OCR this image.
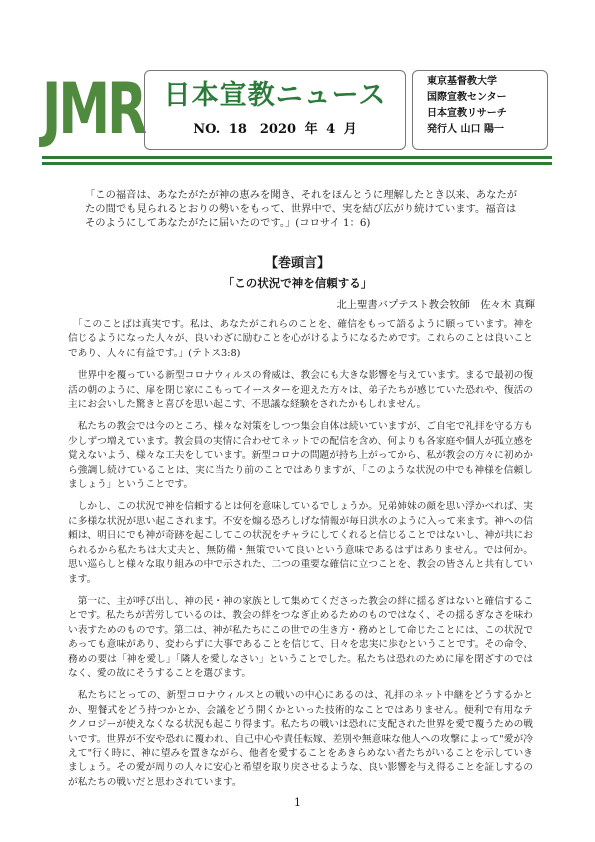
JMR 日本宣教ニュース
NO. 18　2020 年 4 月
東京基督教大学
国際宣教センター
日本宣教リサーチ
発行人 山口 陽一
「この福音は、あなたがたが神の恵みを聞き、それをほんとうに理解したとき以来、あなたがたの間でも見られるとおりの勢いをもって、世界中で、実を結び広がり続けています。福音はそのようにしてあなたがたに届いたのです。」(コロサイ 1：6)
【巻頭言】
「この状況で神を信頼する」
北上聖書バプテスト教会牧師　佐々木 真輝

「このことばは真実です。私は、あなたがこれらのことを、確信をもって語るように願っています。神を信じるようになった人々が、良いわざに励むことを心がけるようになるためです。これらのことは良いことであり、人々に有益です。」(テトス3:8)

世界中を覆っている新型コロナウィルスの脅威は、教会にも大きな影響を与えています。まるで最初の復活の朝のように、扉を閉じ家にこもってイースターを迎えた方々は、弟子たちが感じていた恐れや、復活の主にお会いした驚きと喜びを思い起こす、不思議な経験をされたかもしれません。

私たちの教会では今のところ、様々な対策をしつつ集会自体は続いていますが、ご自宅で礼拝を守る方も少しずつ増えています。教会員の実情に合わせてネットでの配信を含め、何よりも各家庭や個人が孤立感を覚えないよう、様々な工夫をしています。新型コロナの問題が持ち上がってから、私が教会の方々に初めから強調し続けていることは、実に当たり前のことではありますが、「このような状況の中でも神様を信頼しましょう」ということです。

しかし、この状況で神を信頼するとは何を意味しているでしょうか。兄弟姉妹の顔を思い浮かべれば、実に多様な状況が思い起こされます。不安を煽る恐ろしげな情報が毎日洪水のように入って来ます。神への信頼は、明日にでも神が奇跡を起こしてこの状況をチャラにしてくれると信じることではないし、神が共におられるから私たちは大丈夫と、無防備・無策でいて良いという意味であるはずはありません。では何か。思い巡らしと様々な取り組みの中で示された、二つの重要な確信に立つことを、教会の皆さんと共有しています。

第一に、主が呼び出し、神の民・神の家族として集めてくださった教会の絆に揺るぎはないと確信することです。私たちが苦労しているのは、教会の絆をつなぎ止めるためのものではなく、その揺るぎなさを味わい表すためのものです。第二は、神が私たちにこの世での生き方・務めとして命じたことには、この状況であっても意味があり、変わらずに大事であることを信じて、日々を忠実に歩むということです。その命令、務めの要は「神を愛し」「隣人を愛しなさい」ということでした。私たちは恐れのために扉を閉ざすのではなく、愛の故にそうすることを選びます。

私たちにとっての、新型コロナウィルスとの戦いの中心にあるのは、礼拝のネット中継をどうするかとか、聖餐式をどう持つかとか、会議をどう開くかといった技術的なことではありません。便利で有用なテクノロジーが使えなくなる状況も起こり得ます。私たちの戦いは恐れに支配された世界を愛で覆うための戦いです。世界が不安や恐れに覆われ、自己中心や責任転嫁、差別や無意味な他人への攻撃によって"愛が冷えて"行く時に、神に望みを置きながら、他者を愛することをあきらめない者たちがいることを示していきましょう。その愛が周りの人々に安心と希望を取り戻させるような、良い影響を与え得ることを証しするのが私たちの戦いだと思わされています。

1
